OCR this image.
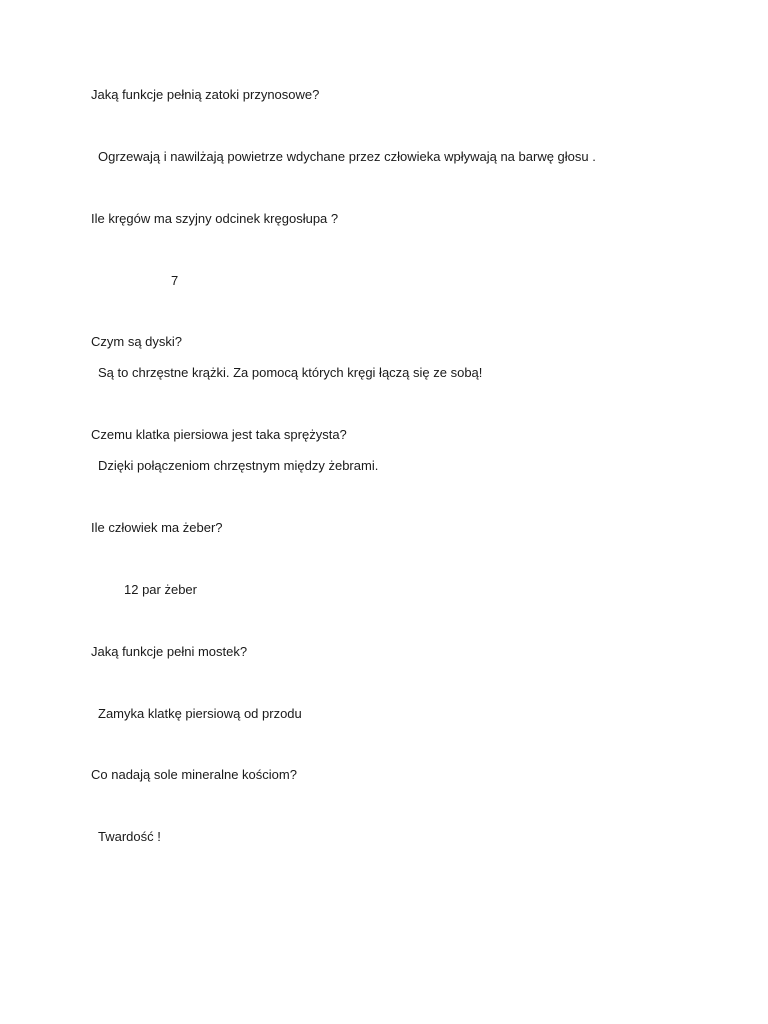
Jaką funkcje pełnią zatoki przynosowe?
Ogrzewają i nawilżają powietrze wdychane przez człowieka wpływają na barwę głosu .
Ile kręgów ma szyjny odcinek kręgosłupa ?
7
Czym są dyski?
Są to chrzęstne krążki. Za pomocą których kręgi łączą się ze sobą!
Czemu klatka piersiowa jest taka sprężysta?
Dzięki połączeniom chrzęstnym między żebrami.
Ile człowiek ma żeber?
12 par żeber
Jaką funkcje pełni mostek?
Zamyka klatkę piersiową od przodu
Co nadają sole mineralne kościom?
Twardość !
